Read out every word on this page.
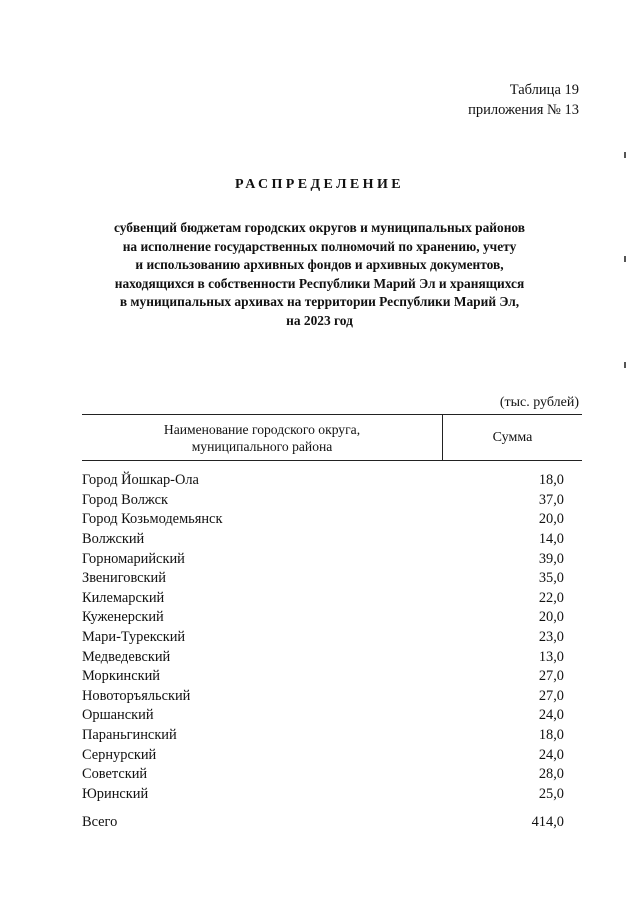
Таблица 19
приложения № 13
РАСПРЕДЕЛЕНИЕ
субвенций бюджетам городских округов и муниципальных районов
на исполнение государственных полномочий по хранению, учету
и использованию архивных фондов и архивных документов,
находящихся в собственности Республики Марий Эл и хранящихся
в муниципальных архивах на территории Республики Марий Эл,
на 2023 год
(тыс. рублей)
Наименование городского округа,
муниципального района
Сумма
Город Йошкар-Ола	18,0
Город Волжск	37,0
Город Козьмодемьянск	20,0
Волжский	14,0
Горномарийский	39,0
Звениговский	35,0
Килемарский	22,0
Куженерский	20,0
Мари-Турекский	23,0
Медведевский	13,0
Моркинский	27,0
Новоторъяльский	27,0
Оршанский	24,0
Параньгинский	18,0
Сернурский	24,0
Советский	28,0
Юринский	25,0
Всего	414,0
